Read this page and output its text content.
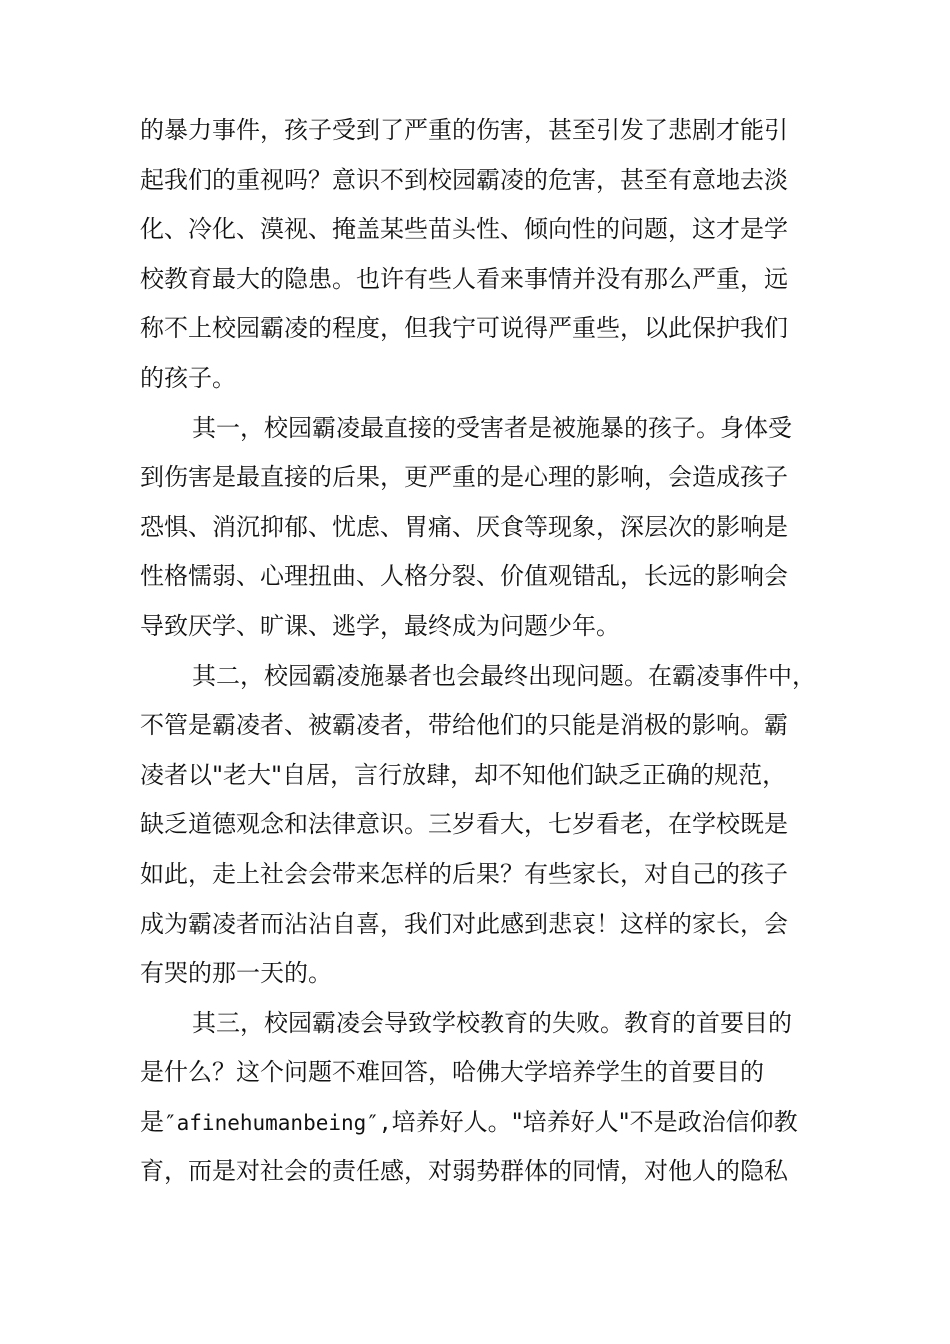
的暴力事件，孩子受到了严重的伤害，甚至引发了悲剧才能引
起我们的重视吗？意识不到校园霸凌的危害，甚至有意地去淡
化、冷化、漠视、掩盖某些苗头性、倾向性的问题，这才是学
校教育最大的隐患。也许有些人看来事情并没有那么严重，远
称不上校园霸凌的程度，但我宁可说得严重些，以此保护我们
的孩子。
其一，校园霸凌最直接的受害者是被施暴的孩子。身体受
到伤害是最直接的后果，更严重的是心理的影响，会造成孩子
恐惧、消沉抑郁、忧虑、胃痛、厌食等现象，深层次的影响是
性格懦弱、心理扭曲、人格分裂、价值观错乱，长远的影响会
导致厌学、旷课、逃学，最终成为问题少年。
其二，校园霸凌施暴者也会最终出现问题。在霸凌事件中，
不管是霸凌者、被霸凌者，带给他们的只能是消极的影响。霸
凌者以"老大"自居，言行放肆，却不知他们缺乏正确的规范，
缺乏道德观念和法律意识。三岁看大，七岁看老，在学校既是
如此，走上社会会带来怎样的后果？有些家长，对自己的孩子
成为霸凌者而沾沾自喜，我们对此感到悲哀！这样的家长，会
有哭的那一天的。
其三，校园霸凌会导致学校教育的失败。教育的首要目的
是什么？这个问题不难回答，哈佛大学培养学生的首要目的
是″afinehumanbeing″,培养好人。"培养好人"不是政治信仰教
育，而是对社会的责任感，对弱势群体的同情，对他人的隐私
